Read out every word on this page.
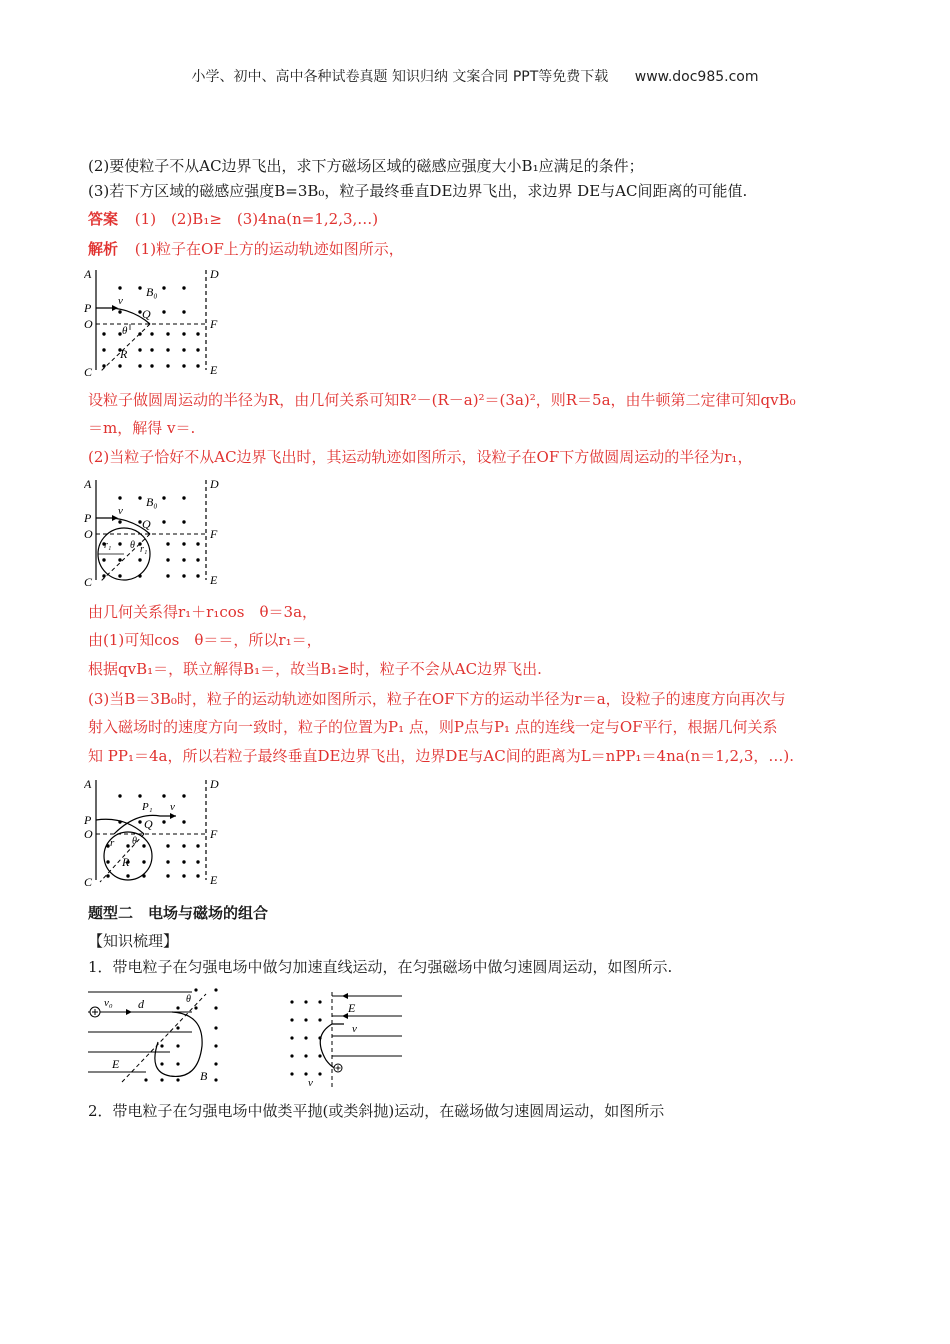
小学、初中、高中各种试卷真题 知识归纳 文案合同 PPT等免费下载 www.doc985.com
(2)要使粒子不从AC边界飞出，求下方磁场区域的磁感应强度大小B₁应满足的条件；
(3)若下方区域的磁感应强度B=3B₀，粒子最终垂直DE边界飞出，求边界 DE与AC间距离的可能值.
答案 (1)　(2)B₁≥　(3)4na(n=1,2,3,…)
解析 (1)粒子在OF上方的运动轨迹如图所示，
A	D
B₀
P v
Q
O	F
θ
R
C	E
设粒子做圆周运动的半径为R，由几何关系可知R²－(R－a)²＝(3a)²，则R＝5a，由牛顿第二定律可知qvB₀
＝m，解得 v＝.
(2)当粒子恰好不从AC边界飞出时，其运动轨迹如图所示，设粒子在OF下方做圆周运动的半径为r₁，
A	D
B₀
P v
Q
O	F
r₁ θ r₁
C	E
由几何关系得r₁＋r₁cos　θ＝3a，
由(1)可知cos　θ＝＝，所以r₁＝，
根据qvB₁＝，联立解得B₁＝，故当B₁≥时，粒子不会从AC边界飞出.
(3)当B＝3B₀时，粒子的运动轨迹如图所示，粒子在OF下方的运动半径为r＝a，设粒子的速度方向再次与
射入磁场时的速度方向一致时，粒子的位置为P₁ 点，则P点与P₁ 点的连线一定与OF平行，根据几何关系
知 PP₁＝4a，所以若粒子最终垂直DE边界飞出，边界DE与AC间的距离为L＝nPP₁＝4na(n＝1,2,3，…).
A	D
P₁ v
P	Q
O	F
r θ
R
C	E
题型二　电场与磁场的组合
【知识梳理】
1．带电粒子在匀强电场中做匀加速直线运动，在匀强磁场中做匀速圆周运动，如图所示.
v₀ d	θ
E
B
E
v
v
2．带电粒子在匀强电场中做类平抛(或类斜抛)运动，在磁场做匀速圆周运动，如图所示
